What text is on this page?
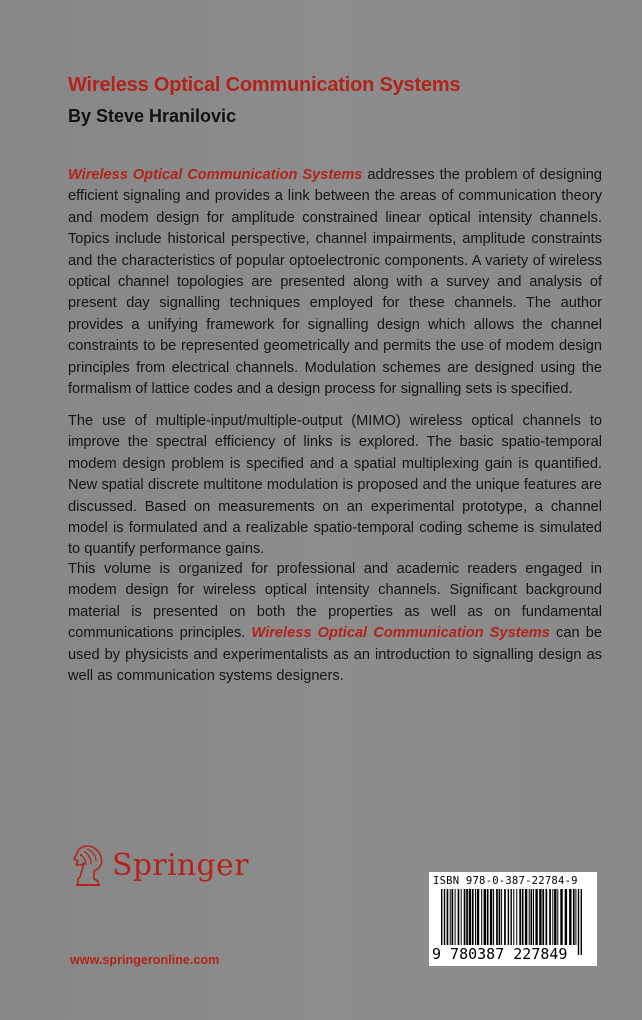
Wireless Optical Communication Systems
By Steve Hranilovic
Wireless Optical Communication Systems addresses the problem of designing efficient signaling and provides a link between the areas of communication theory and modem design for amplitude constrained linear optical intensity channels. Topics include historical perspective, channel impairments, amplitude constraints and the characteristics of popular optoelectronic components. A variety of wireless optical channel topologies are presented along with a survey and analysis of present day signalling techniques employed for these channels. The author provides a unifying framework for signalling design which allows the channel constraints to be represented geometrically and permits the use of modem design principles from electrical channels. Modulation schemes are designed using the formalism of lattice codes and a design process for signalling sets is specified.
The use of multiple-input/multiple-output (MIMO) wireless optical channels to improve the spectral efficiency of links is explored. The basic spatio-temporal modem design problem is specified and a spatial multiplexing gain is quantified. New spatial discrete multitone modulation is proposed and the unique features are discussed. Based on measurements on an experimental prototype, a channel model is formulated and a realizable spatio-temporal coding scheme is simulated to quantify performance gains.
This volume is organized for professional and academic readers engaged in modem design for wireless optical intensity channels. Significant background material is presented on both the properties as well as on fundamental communications principles. Wireless Optical Communication Systems can be used by physicists and experimentalists as an introduction to signalling design as well as communication systems designers.
Springer
www.springeronline.com
ISBN 978-0-387-22784-9
9 780387 227849
